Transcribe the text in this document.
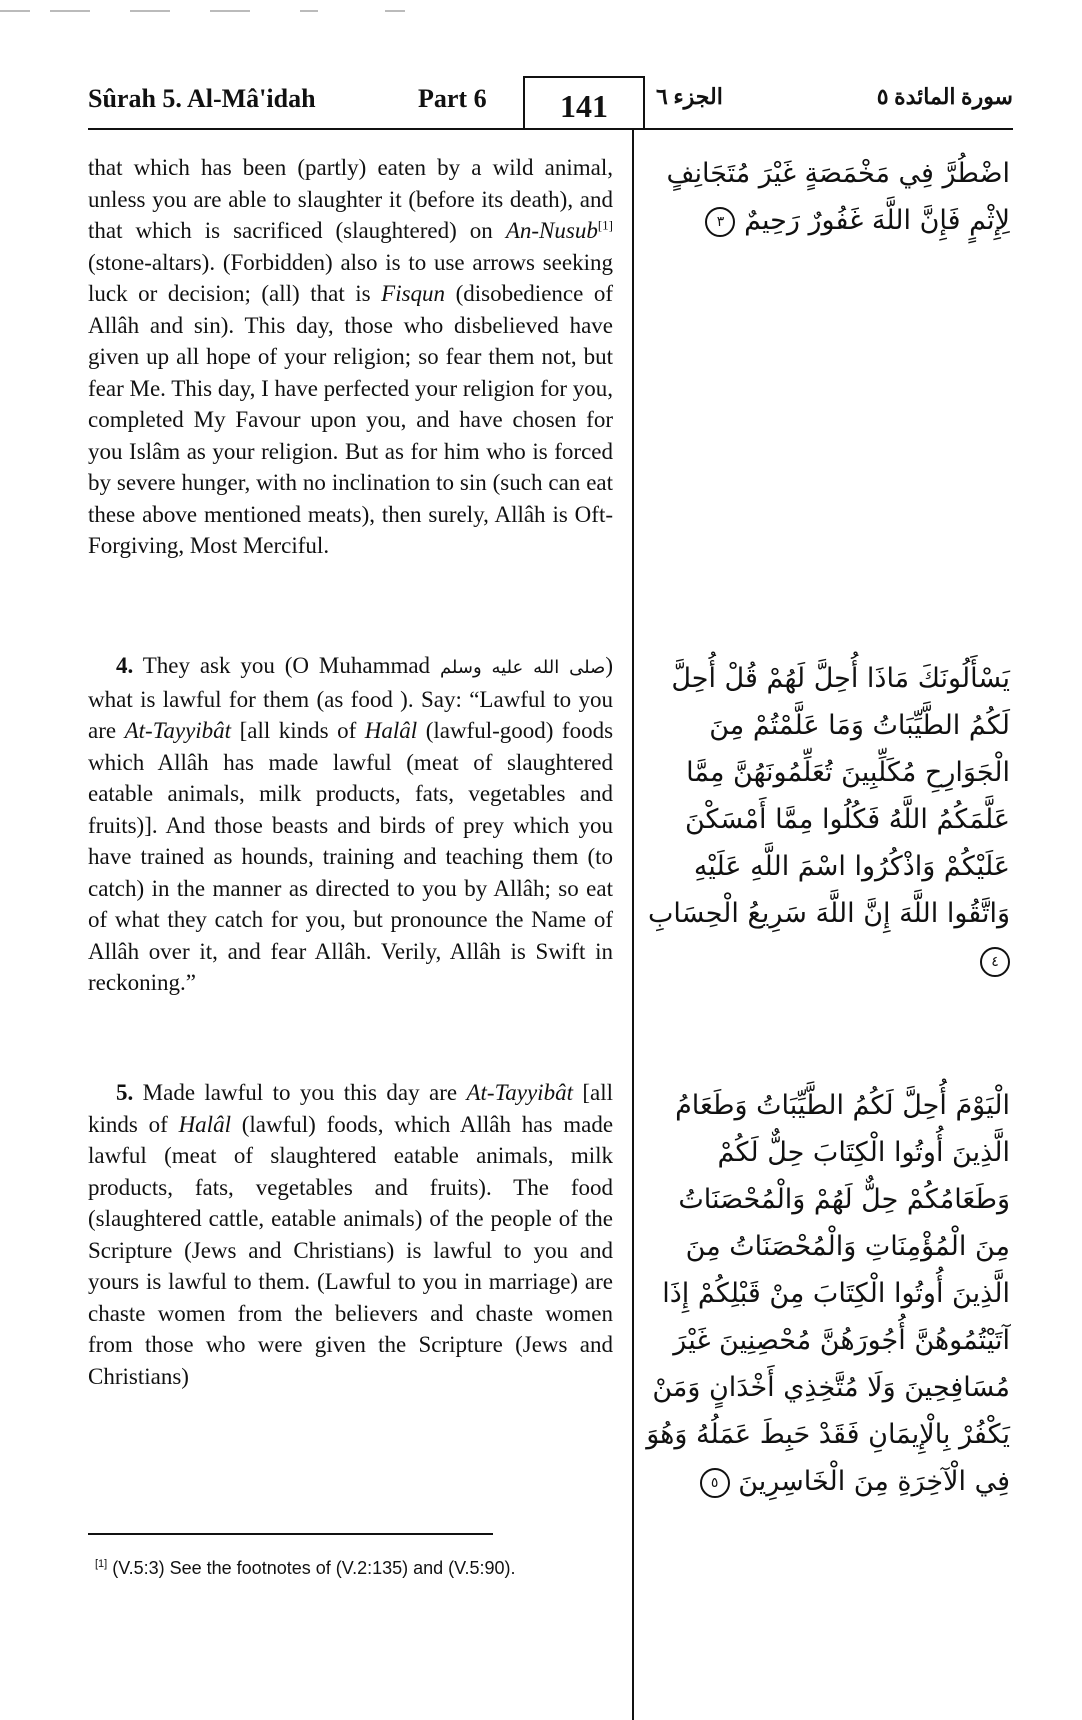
Sûrah 5. Al-Mâ'idah	Part 6	141	الجزء ٦	سورة المائدة ٥

that which has been (partly) eaten by a wild animal, unless you are able to slaughter it (before its death), and that which is sacrificed (slaughtered) on An-Nusub[1] (stone-altars). (Forbidden) also is to use arrows seeking luck or decision; (all) that is Fisqun (disobedience of Allâh and sin). This day, those who disbelieved have given up all hope of your religion; so fear them not, but fear Me. This day, I have perfected your religion for you, completed My Favour upon you, and have chosen for you Islâm as your religion. But as for him who is forced by severe hunger, with no inclination to sin (such can eat these above mentioned meats), then surely, Allâh is Oft-Forgiving, Most Merciful.

4. They ask you (O Muhammad صلى الله عليه وسلم) what is lawful for them (as food ). Say: “Lawful to you are At-Tayyibât [all kinds of Halâl (lawful-good) foods which Allâh has made lawful (meat of slaughtered eatable animals, milk products, fats, vegetables and fruits)]. And those beasts and birds of prey which you have trained as hounds, training and teaching them (to catch) in the manner as directed to you by Allâh; so eat of what they catch for you, but pronounce the Name of Allâh over it, and fear Allâh. Verily, Allâh is Swift in reckoning.”

5. Made lawful to you this day are At-Tayyibât [all kinds of Halâl (lawful) foods, which Allâh has made lawful (meat of slaughtered eatable animals, milk products, fats, vegetables and fruits). The food (slaughtered cattle, eatable animals) of the people of the Scripture (Jews and Christians) is lawful to you and yours is lawful to them. (Lawful to you in marriage) are chaste women from the believers and chaste women from those who were given the Scripture (Jews and Christians)

اضْطُرَّ فِي مَخْمَصَةٍ غَيْرَ مُتَجَانِفٍ لِإِثْمٍ فَإِنَّ اللَّهَ غَفُورٌ رَحِيمٌ ٣
يَسْأَلُونَكَ مَاذَا أُحِلَّ لَهُمْ قُلْ أُحِلَّ لَكُمُ الطَّيِّبَاتُ وَمَا عَلَّمْتُمْ مِنَ الْجَوَارِحِ مُكَلِّبِينَ تُعَلِّمُونَهُنَّ مِمَّا عَلَّمَكُمُ اللَّهُ فَكُلُوا مِمَّا أَمْسَكْنَ عَلَيْكُمْ وَاذْكُرُوا اسْمَ اللَّهِ عَلَيْهِ وَاتَّقُوا اللَّهَ إِنَّ اللَّهَ سَرِيعُ الْحِسَابِ ٤
الْيَوْمَ أُحِلَّ لَكُمُ الطَّيِّبَاتُ وَطَعَامُ الَّذِينَ أُوتُوا الْكِتَابَ حِلٌّ لَكُمْ وَطَعَامُكُمْ حِلٌّ لَهُمْ وَالْمُحْصَنَاتُ مِنَ الْمُؤْمِنَاتِ وَالْمُحْصَنَاتُ مِنَ الَّذِينَ أُوتُوا الْكِتَابَ مِنْ قَبْلِكُمْ إِذَا آتَيْتُمُوهُنَّ أُجُورَهُنَّ مُحْصِنِينَ غَيْرَ مُسَافِحِينَ وَلَا مُتَّخِذِي أَخْدَانٍ وَمَنْ يَكْفُرْ بِالْإِيمَانِ فَقَدْ حَبِطَ عَمَلُهُ وَهُوَ فِي الْآخِرَةِ مِنَ الْخَاسِرِينَ ٥
[1] (V.5:3) See the footnotes of (V.2:135) and (V.5:90).
